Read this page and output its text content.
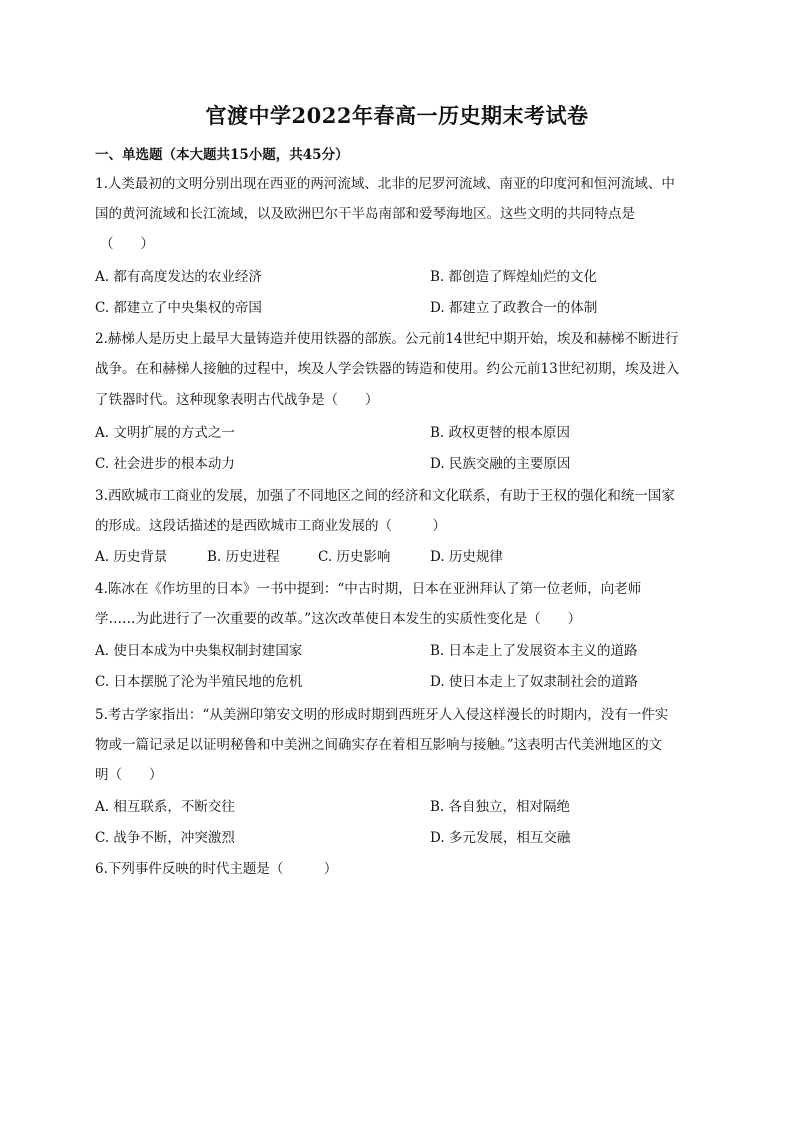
官渡中学2022年春高一历史期末考试卷
一、单选题（本大题共15小题，共45分）
1.人类最初的文明分别出现在西亚的两河流域、北非的尼罗河流域、南亚的印度河和恒河流域、中
国的黄河流域和长江流域，以及欧洲巴尔干半岛南部和爱琴海地区。这些文明的共同特点是
（　　）
A. 都有高度发达的农业经济	B. 都创造了辉煌灿烂的文化
C. 都建立了中央集权的帝国	D. 都建立了政教合一的体制
2.赫梯人是历史上最早大量铸造并使用铁器的部族。公元前14世纪中期开始，埃及和赫梯不断进行
战争。在和赫梯人接触的过程中，埃及人学会铁器的铸造和使用。约公元前13世纪初期，埃及进入
了铁器时代。这种现象表明古代战争是（　　）
A. 文明扩展的方式之一	B. 政权更替的根本原因
C. 社会进步的根本动力	D. 民族交融的主要原因
3.西欧城市工商业的发展，加强了不同地区之间的经济和文化联系，有助于王权的强化和统一国家
的形成。这段话描述的是西欧城市工商业发展的（　　　）
A. 历史背景	B. 历史进程	C. 历史影响	D. 历史规律
4.陈冰在《作坊里的日本》一书中提到：“中古时期，日本在亚洲拜认了第一位老师，向老师
学……为此进行了一次重要的改革。”这次改革使日本发生的实质性变化是（　　）
A. 使日本成为中央集权制封建国家	B. 日本走上了发展资本主义的道路
C. 日本摆脱了沦为半殖民地的危机	D. 使日本走上了奴隶制社会的道路
5.考古学家指出：“从美洲印第安文明的形成时期到西班牙人入侵这样漫长的时期内，没有一件实
物或一篇记录足以证明秘鲁和中美洲之间确实存在着相互影响与接触。”这表明古代美洲地区的文
明（　　）
A. 相互联系，不断交往	B. 各自独立，相对隔绝
C. 战争不断，冲突激烈	D. 多元发展，相互交融
6.下列事件反映的时代主题是（　　　）
